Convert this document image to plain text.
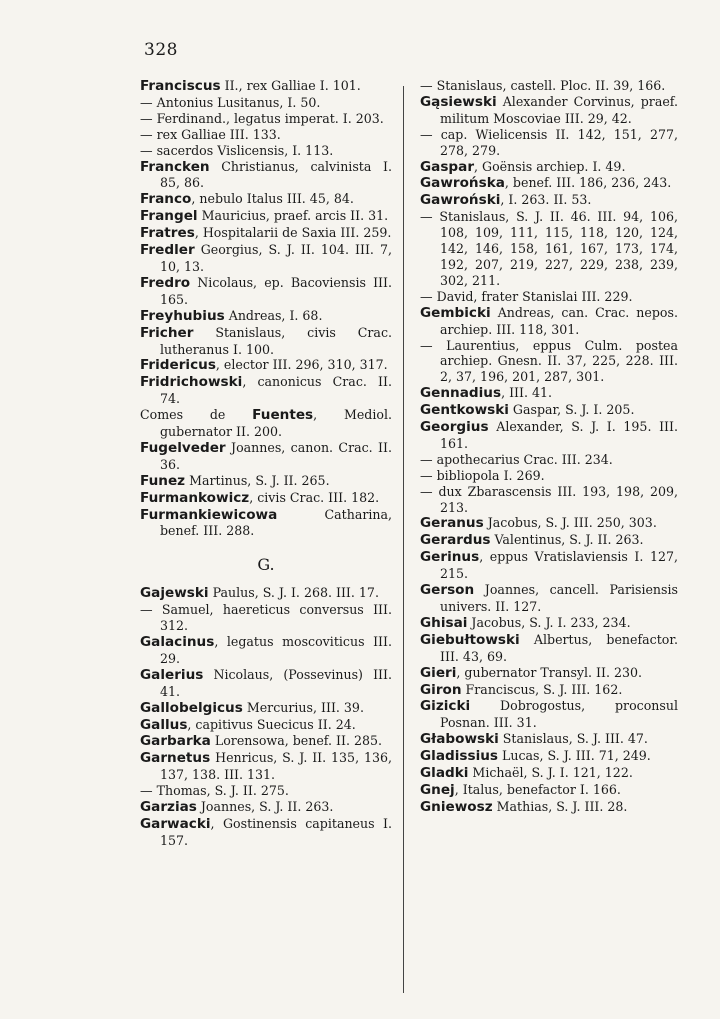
328

Franciscus II., rex Galliae I. 101.

— Antonius Lusitanus, I. 50.

— Ferdinand., legatus imperat. I. 203.

— rex Galliae III. 133.

— sacerdos Vislicensis, I. 113.

Francken Christianus, calvinista I. 85, 86.

Franco, nebulo Italus III. 45, 84.

Frangel Mauricius, praef. arcis II. 31.

Fratres, Hospitalarii de Saxia III. 259.

Fredler Georgius, S. J. II. 104. III. 7, 10, 13.

Fredro Nicolaus, ep. Bacoviensis III. 165.

Freyhubius Andreas, I. 68.

Fricher Stanislaus, civis Crac. lutheranus I. 100.

Fridericus, elector III. 296, 310, 317.

Fridrichowski, canonicus Crac. II. 74.

Comes de Fuentes, Mediol. gubernator II. 200.

Fugelveder Joannes, canon. Crac. II. 36.

Funez Martinus, S. J. II. 265.

Furmankowicz, civis Crac. III. 182.

Furmankiewicowa Catharina, benef. III. 288.

G.

Gajewski Paulus, S. J. I. 268. III. 17.

— Samuel, haereticus conversus III. 312.

Galacinus, legatus moscoviticus III. 29.

Galerius Nicolaus, (Possevinus) III. 41.

Gallobelgicus Mercurius, III. 39.

Gallus, capitivus Suecicus II. 24.

Garbarka Lorensowa, benef. II. 285.

Garnetus Henricus, S. J. II. 135, 136, 137, 138. III. 131.

— Thomas, S. J. II. 275.

Garzias Joannes, S. J. II. 263.

Garwacki, Gostinensis capitaneus I. 157.

— Stanislaus, castell. Ploc. II. 39, 166.

Gąsiewski Alexander Corvinus, praef. militum Moscoviae III. 29, 42.

— cap. Wielicensis II. 142, 151, 277, 278, 279.

Gaspar, Goënsis archiep. I. 49.

Gawrońska, benef. III. 186, 236, 243.

Gawroński, I. 263. II. 53.

— Stanislaus, S. J. II. 46. III. 94, 106, 108, 109, 111, 115, 118, 120, 124, 142, 146, 158, 161, 167, 173, 174, 192, 207, 219, 227, 229, 238, 239, 302, 211.

— David, frater Stanislai III. 229.

Gembicki Andreas, can. Crac. nepos. archiep. III. 118, 301.

— Laurentius, eppus Culm. postea archiep. Gnesn. II. 37, 225, 228. III. 2, 37, 196, 201, 287, 301.

Gennadius, III. 41.

Gentkowski Gaspar, S. J. I. 205.

Georgius Alexander, S. J. I. 195. III. 161.

— apothecarius Crac. III. 234.

— bibliopola I. 269.

— dux Zbarascensis III. 193, 198, 209, 213.

Geranus Jacobus, S. J. III. 250, 303.

Gerardus Valentinus, S. J. II. 263.

Gerinus, eppus Vratislaviensis I. 127, 215.

Gerson Joannes, cancell. Parisiensis univers. II. 127.

Ghisai Jacobus, S. J. I. 233, 234.

Giebułtowski Albertus, benefactor. III. 43, 69.

Gieri, gubernator Transyl. II. 230.

Giron Franciscus, S. J. III. 162.

Gizicki Dobrogostus, proconsul Posnan. III. 31.

Głabowski Stanislaus, S. J. III. 47.

Gladissius Lucas, S. J. III. 71, 249.

Gladki Michaël, S. J. I. 121, 122.

Gnej, Italus, benefactor I. 166.

Gniewosz Mathias, S. J. III. 28.
